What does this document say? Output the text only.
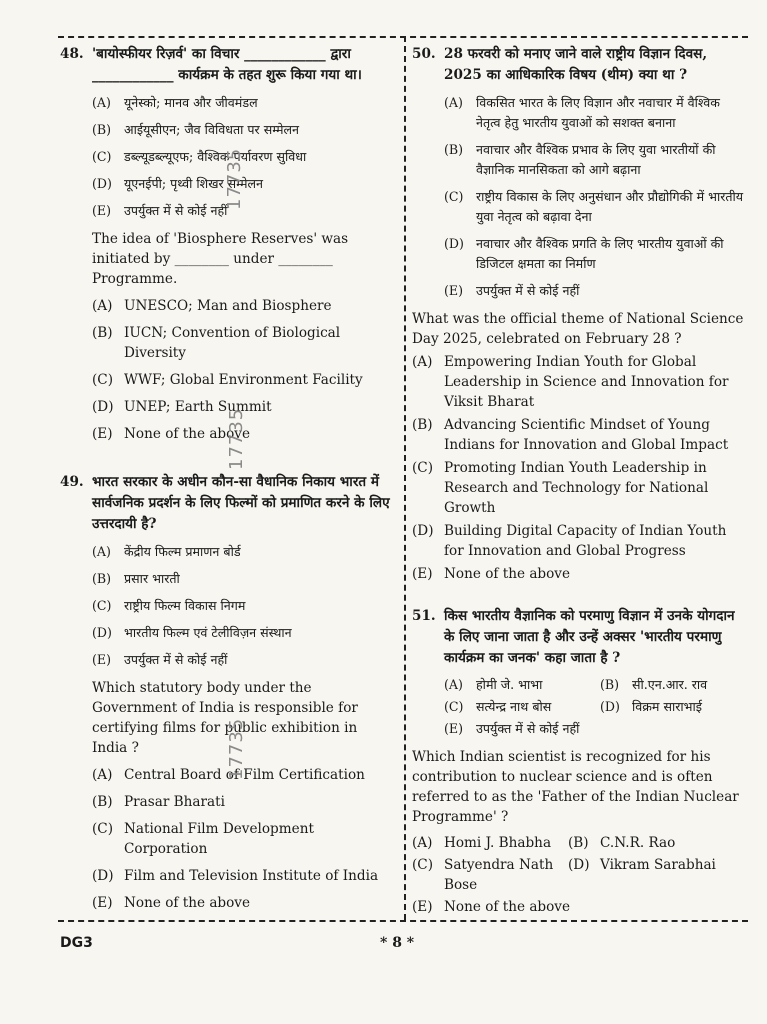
48. 'बायोस्फीयर रिज़र्व' का विचार ____________ द्वारा ____________ कार्यक्रम के तहत शुरू किया गया था।
(A)	यूनेस्को; मानव और जीवमंडल
(B)	आईयूसीएन; जैव विविधता पर सम्मेलन
(C) डब्ल्यूडब्ल्यूएफ; वैश्विक पर्यावरण सुविधा
(D) यूएनईपी; पृथ्वी शिखर सम्मेलन
(E)	उपर्युक्त में से कोई नहीं
The idea of 'Biosphere Reserves' was initiated by ________ under ________ Programme.
(A) UNESCO; Man and Biosphere
(B) IUCN; Convention of Biological Diversity
(C) WWF; Global Environment Facility
(D) UNEP; Earth Summit
(E) None of the above
49. भारत सरकार के अधीन कौन-सा वैधानिक निकाय भारत में सार्वजनिक प्रदर्शन के लिए फिल्मों को प्रमाणित करने के लिए उत्तरदायी है?
(A)	केंद्रीय फिल्म प्रमाणन बोर्ड
(B)	प्रसार भारती
(C) राष्ट्रीय फिल्म विकास निगम
(D) भारतीय फिल्म एवं टेलीविज़न संस्थान
(E)	उपर्युक्त में से कोई नहीं
Which statutory body under the Government of India is responsible for certifying films for public exhibition in India ?
(A) Central Board of Film Certification
(B) Prasar Bharati
(C) National Film Development Corporation
(D) Film and Television Institute of India
(E) None of the above
50. 28 फरवरी को मनाए जाने वाले राष्ट्रीय विज्ञान दिवस, 2025 का आधिकारिक विषय (थीम) क्या था ?
(A)	विकसित भारत के लिए विज्ञान और नवाचार में वैश्विक नेतृत्व हेतु भारतीय युवाओं को सशक्त बनाना
(B)	नवाचार और वैश्विक प्रभाव के लिए युवा भारतीयों की वैज्ञानिक मानसिकता को आगे बढ़ाना
(C) राष्ट्रीय विकास के लिए अनुसंधान और प्रौद्योगिकी में भारतीय युवा नेतृत्व को बढ़ावा देना
(D) नवाचार और वैश्विक प्रगति के लिए भारतीय युवाओं की डिजिटल क्षमता का निर्माण
(E)	उपर्युक्त में से कोई नहीं
What was the official theme of National Science Day 2025, celebrated on February 28 ?
(A) Empowering Indian Youth for Global Leadership in Science and Innovation for Viksit Bharat
(B) Advancing Scientific Mindset of Young Indians for Innovation and Global Impact
(C) Promoting Indian Youth Leadership in Research and Technology for National Growth
(D) Building Digital Capacity of Indian Youth for Innovation and Global Progress
(E) None of the above
51. किस भारतीय वैज्ञानिक को परमाणु विज्ञान में उनके योगदान के लिए जाना जाता है और उन्हें अक्सर 'भारतीय परमाणु कार्यक्रम का जनक' कहा जाता है ?
(A)	होमी जे. भाभा	(B)	सी.एन.आर. राव
(C) सत्येन्द्र नाथ बोस	(D) विक्रम साराभाई
(E)	उपर्युक्त में से कोई नहीं
Which Indian scientist is recognized for his contribution to nuclear science and is often referred to as the 'Father of the Indian Nuclear Programme' ?
(A) Homi J. Bhabha	(B) C.N.R. Rao
(C) Satyendra Nath Bose
(D) Vikram Sarabhai
(E) None of the above
17735
17735
17735
DG3	* 8 *
